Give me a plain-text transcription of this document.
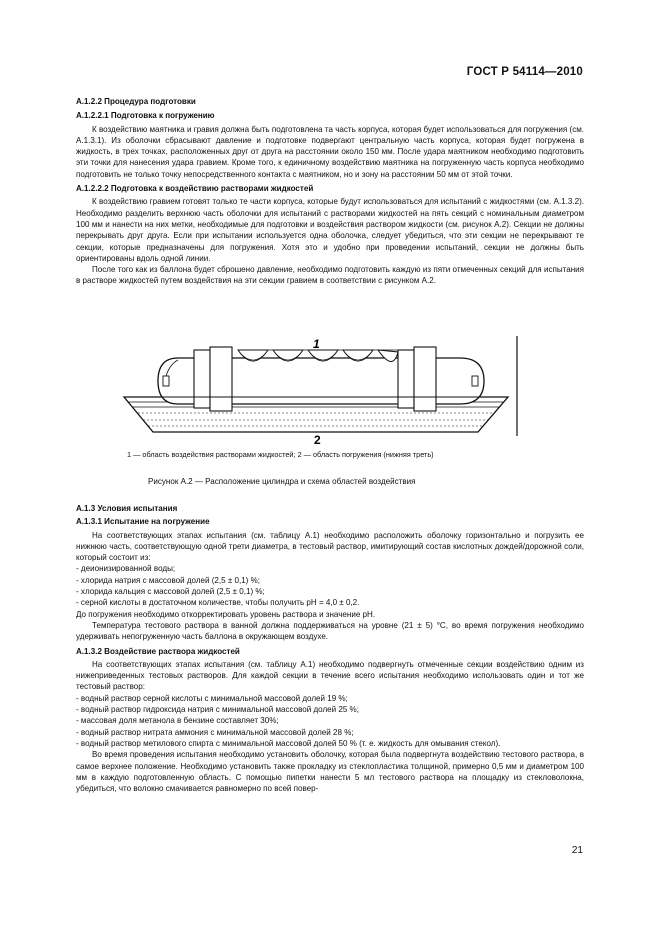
ГОСТ Р 54114—2010

А.1.2.2 Процедура подготовки

А.1.2.2.1 Подготовка к погружению

К воздействию маятника и гравия должна быть подготовлена та часть корпуса, которая будет использоваться для погружения (см. А.1.3.1). Из оболочки сбрасывают давление и подготовке подвергают центральную часть корпуса, которая будет погружена в жидкость, в трех точках, расположенных друг от друга на расстоянии около 150 мм. После удара маятником необходимо подготовить эти точки для нанесения удара гравием. Кроме того, к единичному воздействию маятника на погруженную часть корпуса необходимо подготовить не только точку непосредственного контакта с маятником, но и зону на расстоянии 50 мм от этой точки.

А.1.2.2.2 Подготовка к воздействию растворами жидкостей

К воздействию гравием готовят только те части корпуса, которые будут использоваться для испытаний с жидкостями (см. А.1.3.2). Необходимо разделить верхнюю часть оболочки для испытаний с растворами жидкостей на пять секций с номинальным диаметром 100 мм и нанести на них метки, необходимые для подготовки и воздействия раствором жидкости (см. рисунок А.2). Секции не должны перекрывать друг друга. Если при испытании используется одна оболочка, следует убедиться, что эти секции не перекрывают те секции, которые предназначены для погружения. Хотя это и удобно при проведении испытаний, секции не должны быть ориентированы вдоль одной линии.

После того как из баллона будет сброшено давление, необходимо подготовить каждую из пяти отмеченных секций для испытания в растворе жидкостей путем воздействия на эти секции гравием в соответствии с рисунком А.2.

1
2
1 — область воздействия растворами жидкостей; 2 — область погружения (нижняя треть)
Рисунок А.2 — Расположение цилиндра и схема областей воздействия

А.1.3 Условия испытания

А.1.3.1 Испытание на погружение

На соответствующих этапах испытания (см. таблицу А.1) необходимо расположить оболочку горизонтально и погрузить ее нижнюю часть, соответствующую одной трети диаметра, в тестовый раствор, имитирующий состав кислотных дождей/дорожной соли, который состоит из:

- деионизированной воды;
- хлорида натрия с массовой долей (2,5 ± 0,1) %;
- хлорида кальция с массовой долей (2,5 ± 0,1) %;
- серной кислоты в достаточном количестве, чтобы получить pH = 4,0 ± 0,2.

До погружения необходимо откорректировать уровень раствора и значение pH.

Температура тестового раствора в ванной должна поддерживаться на уровне (21 ± 5) °С, во время погружения необходимо удерживать непогруженную часть баллона в окружающем воздухе.

А.1.3.2 Воздействие раствора жидкостей

На соответствующих этапах испытания (см. таблицу А.1) необходимо подвергнуть отмеченные секции воздействию одним из нижеприведенных тестовых растворов. Для каждой секции в течение всего испытания необходимо использовать один и тот же тестовый раствор:

- водный раствор серной кислоты с минимальной массовой долей 19 %;
- водный раствор гидроксида натрия с минимальной массовой долей 25 %;
- массовая доля метанола в бензине составляет 30%;
- водный раствор нитрата аммония с минимальной массовой долей 28 %;
- водный раствор метилового спирта с минимальной массовой долей 50 % (т. е. жидкость для омывания стекол).

Во время проведения испытания необходимо установить оболочку, которая была подвергнута воздействию тестового раствора, в самое верхнее положение. Необходимо установить также прокладку из стеклопластика толщиной, примерно 0,5 мм и диаметром 100 мм в каждую подготовленную область. С помощью пипетки нанести 5 мл тестового раствора на площадку из стекловолокна, убедиться, что волокно смачивается равномерно по всей повер-

21
